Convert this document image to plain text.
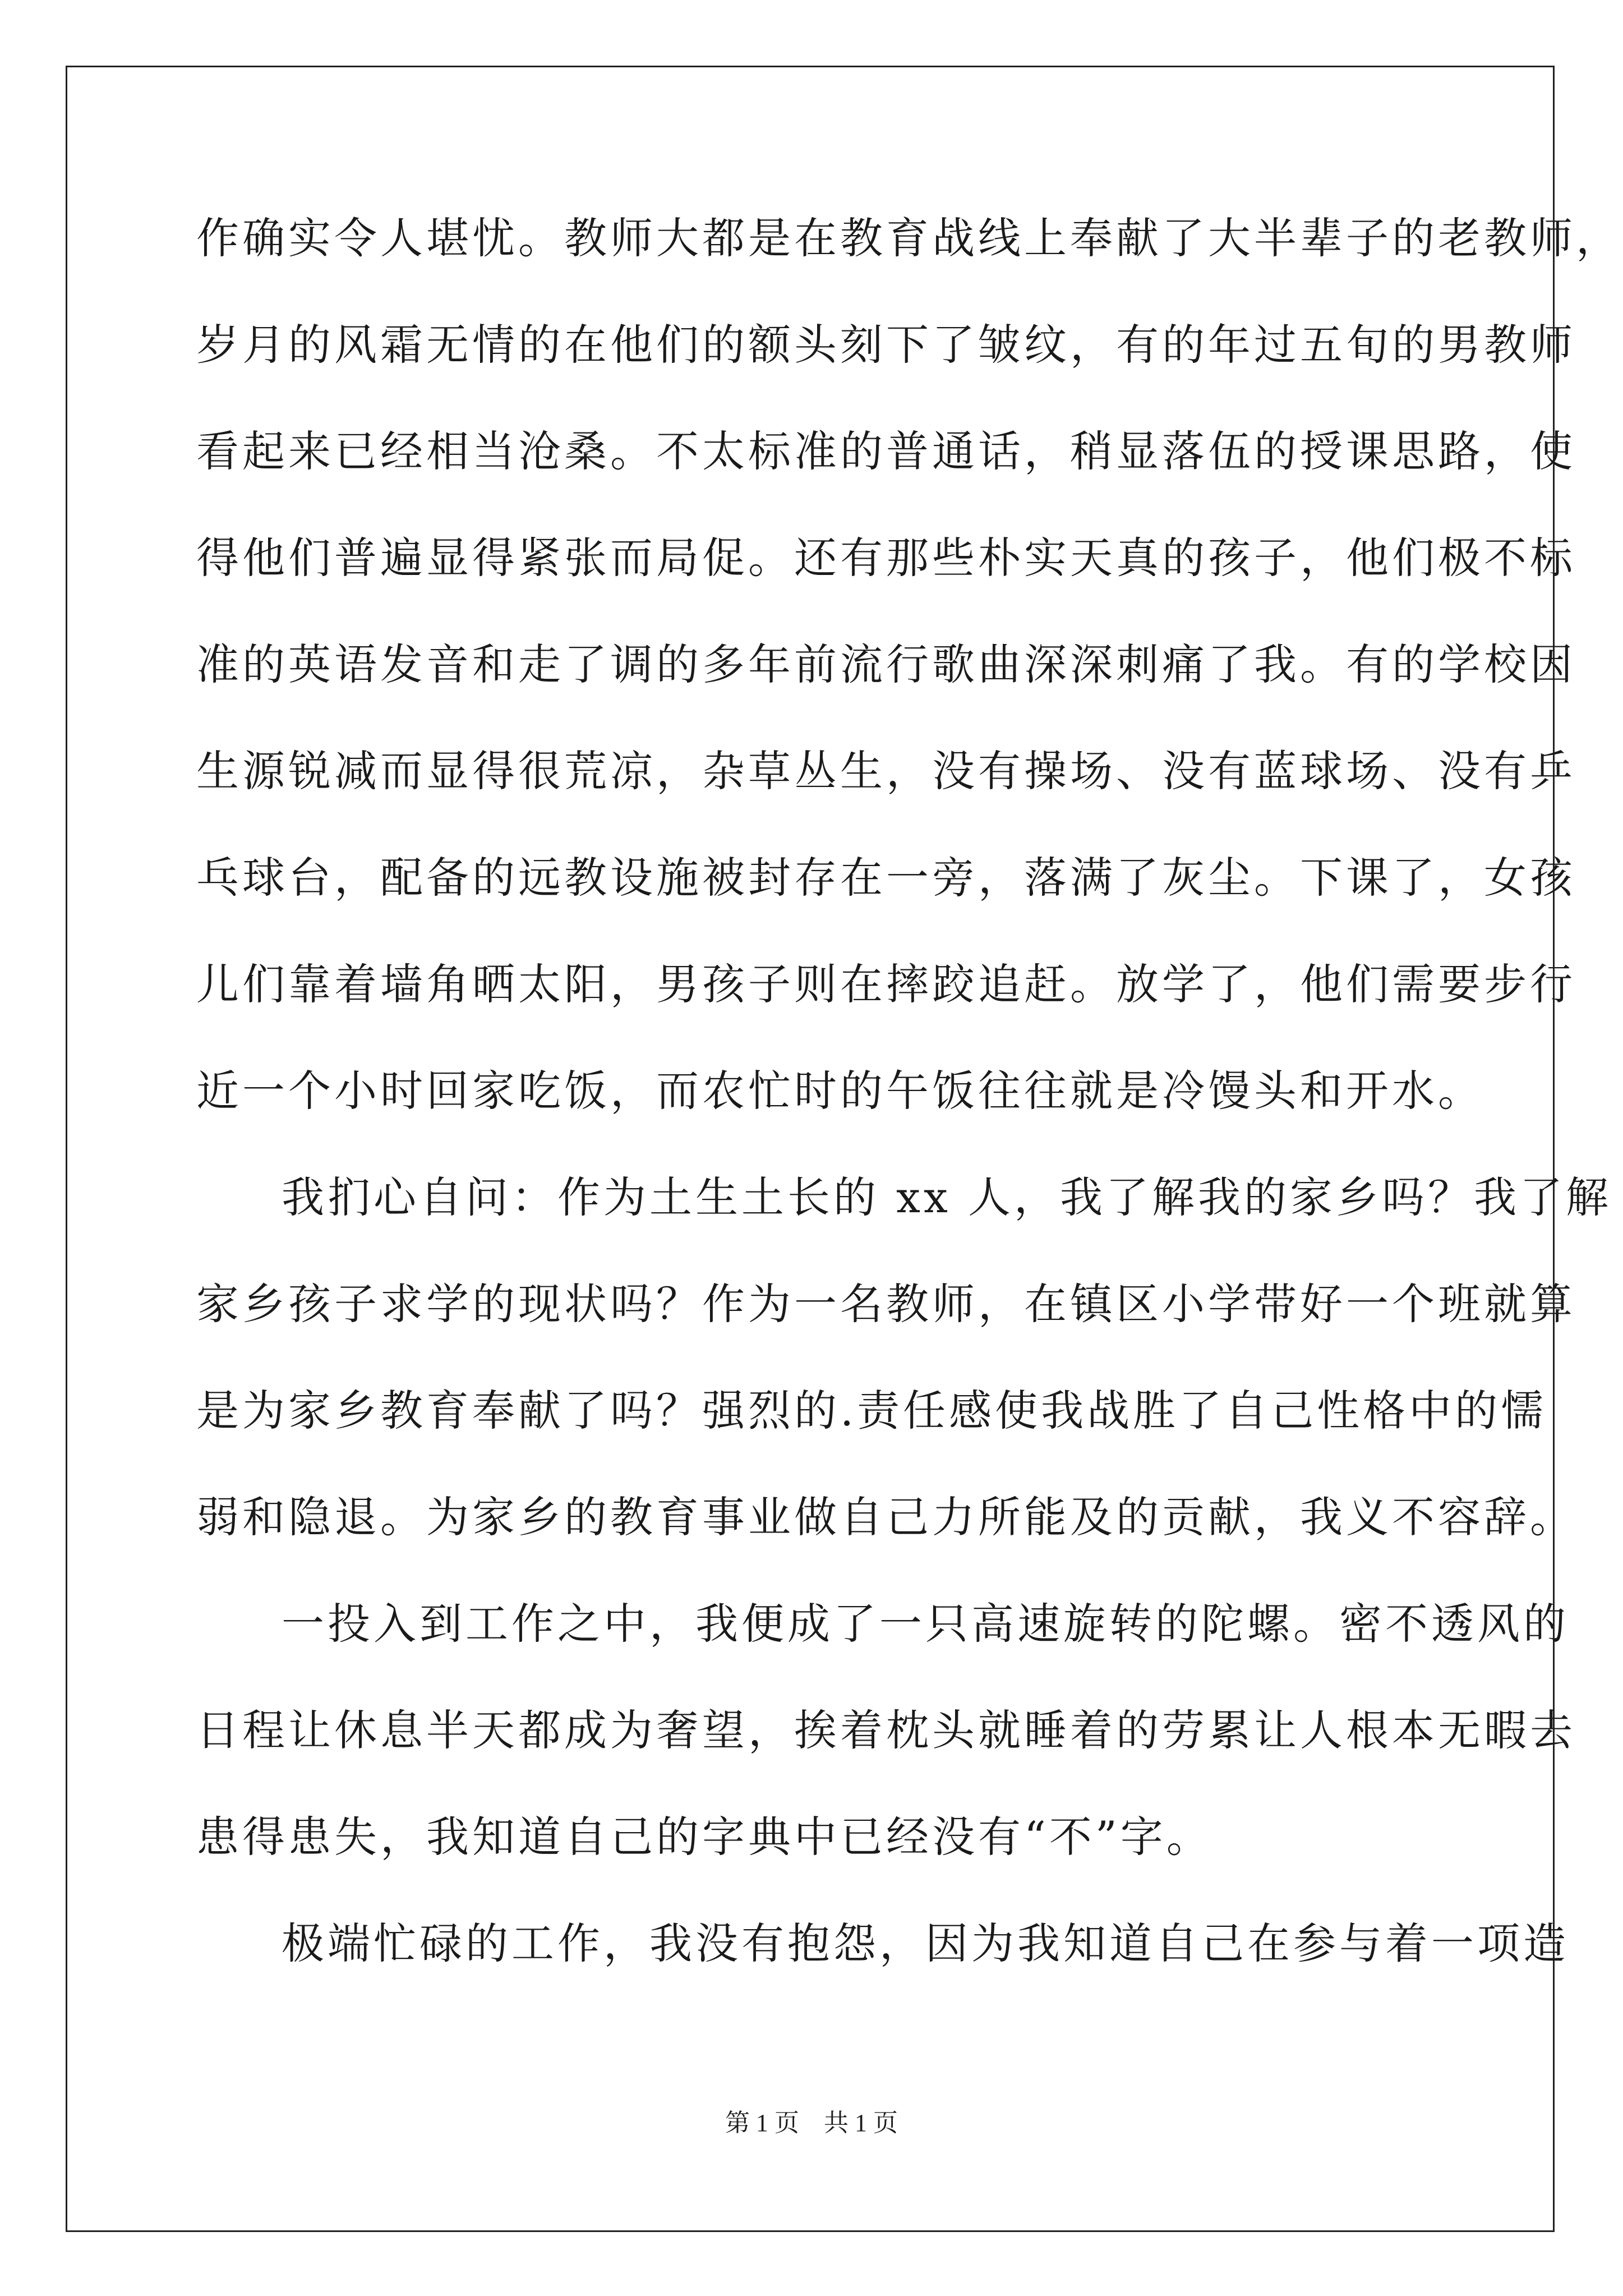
作确实令人堪忧。教师大都是在教育战线上奉献了大半辈子的老教师，
岁月的风霜无情的在他们的额头刻下了皱纹，有的年过五旬的男教师
看起来已经相当沧桑。不太标准的普通话，稍显落伍的授课思路，使
得他们普遍显得紧张而局促。还有那些朴实天真的孩子，他们极不标
准的英语发音和走了调的多年前流行歌曲深深刺痛了我。有的学校因
生源锐减而显得很荒凉，杂草丛生，没有操场、没有蓝球场、没有乒
乓球台，配备的远教设施被封存在一旁，落满了灰尘。下课了，女孩
儿们靠着墙角晒太阳，男孩子则在摔跤追赶。放学了，他们需要步行
近一个小时回家吃饭，而农忙时的午饭往往就是冷馒头和开水。
我扪心自问：作为土生土长的 xx 人，我了解我的家乡吗？我了解
家乡孩子求学的现状吗？作为一名教师，在镇区小学带好一个班就算
是为家乡教育奉献了吗？强烈的.责任感使我战胜了自己性格中的懦
弱和隐退。为家乡的教育事业做自己力所能及的贡献，我义不容辞。
一投入到工作之中，我便成了一只高速旋转的陀螺。密不透风的
日程让休息半天都成为奢望，挨着枕头就睡着的劳累让人根本无暇去
患得患失，我知道自己的字典中已经没有“不”字。
极端忙碌的工作，我没有抱怨，因为我知道自己在参与着一项造
第 1 页 共 1 页
